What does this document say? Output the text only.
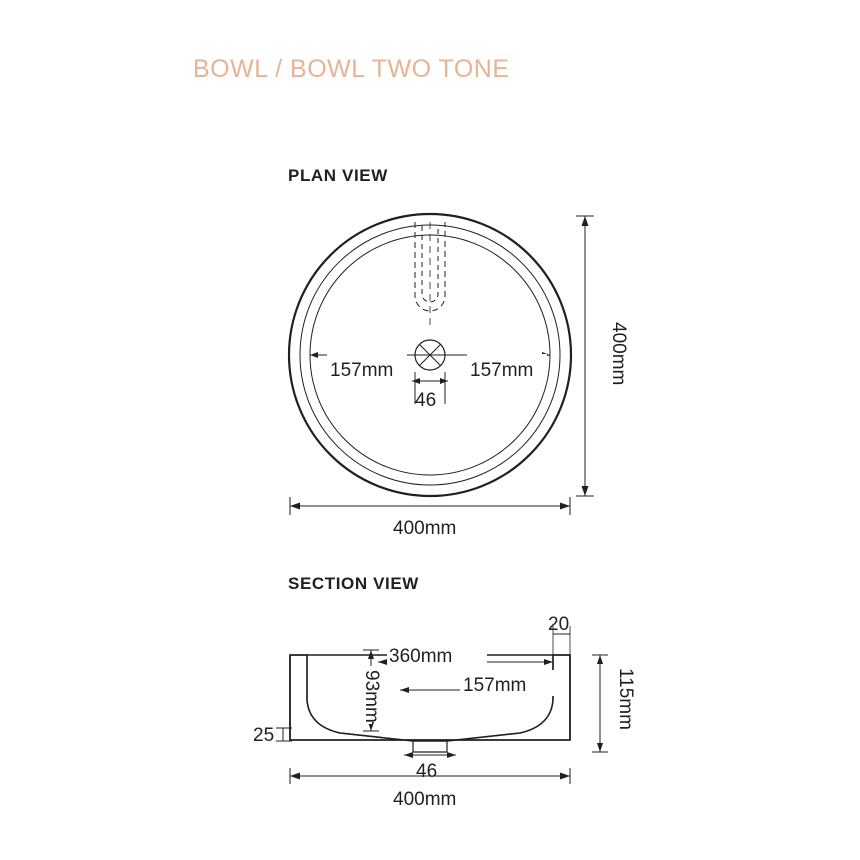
BOWL / BOWL TWO TONE
PLAN VIEW
SECTION VIEW
157mm	157mm
46
400mm
400mm
360mm
157mm
93mm
20
115mm
25
46
400mm
